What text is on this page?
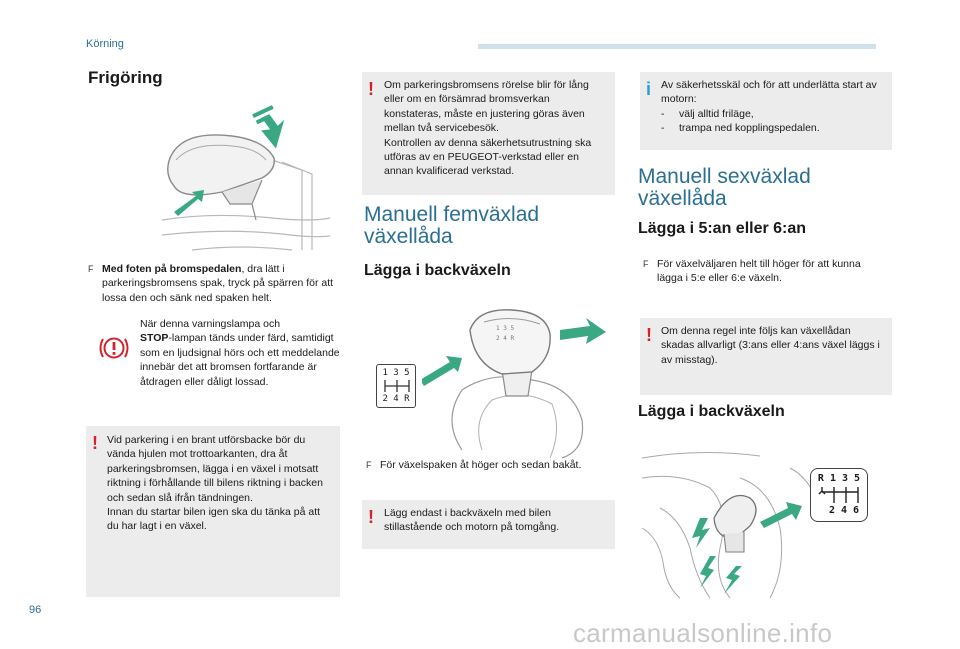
Körning
Frigöring
F Med foten på bromspedalen, dra lätt i parkeringsbromsens spak, tryck på spärren för att lossa den och sänk ned spaken helt.
När denna varningslampa och
STOP-lampan tänds under färd, samtidigt som en ljudsignal hörs och ett meddelande innebär det att bromsen fortfarande är åtdragen eller dåligt lossad.
! Vid parkering i en brant utförsbacke bör du vända hjulen mot trottoarkanten, dra åt parkeringsbromsen, lägga i en växel i motsatt riktning i förhållande till bilens riktning i backen och sedan slå ifrån tändningen.
Innan du startar bilen igen ska du tänka på att du har lagt i en växel.
! Om parkeringsbromsens rörelse blir för lång eller om en försämrad bromsverkan konstateras, måste en justering göras även mellan två servicebesök.
Kontrollen av denna säkerhetsutrustning ska utföras av en PEUGEOT-verkstad eller en annan kvalificerad verkstad.
Manuell femväxlad växellåda
Lägga i backväxeln
1 3 5
2 4 R
1 3 5
2 4 R
F För växelspaken åt höger och sedan bakåt.
! Lägg endast i backväxeln med bilen stillastående och motorn på tomgång.
i Av säkerhetsskäl och för att underlätta start av motorn:
- välj alltid friläge,
- trampa ned kopplingspedalen.
Manuell sexväxlad växellåda
Lägga i 5:an eller 6:an
F För växelväljaren helt till höger för att kunna lägga i 5:e eller 6:e växeln.
! Om denna regel inte följs kan växellådan skadas allvarligt (3:ans eller 4:ans växel läggs i av misstag).
Lägga i backväxeln
R 1 3 5
2 4 6
96
carmanualsonline.info
